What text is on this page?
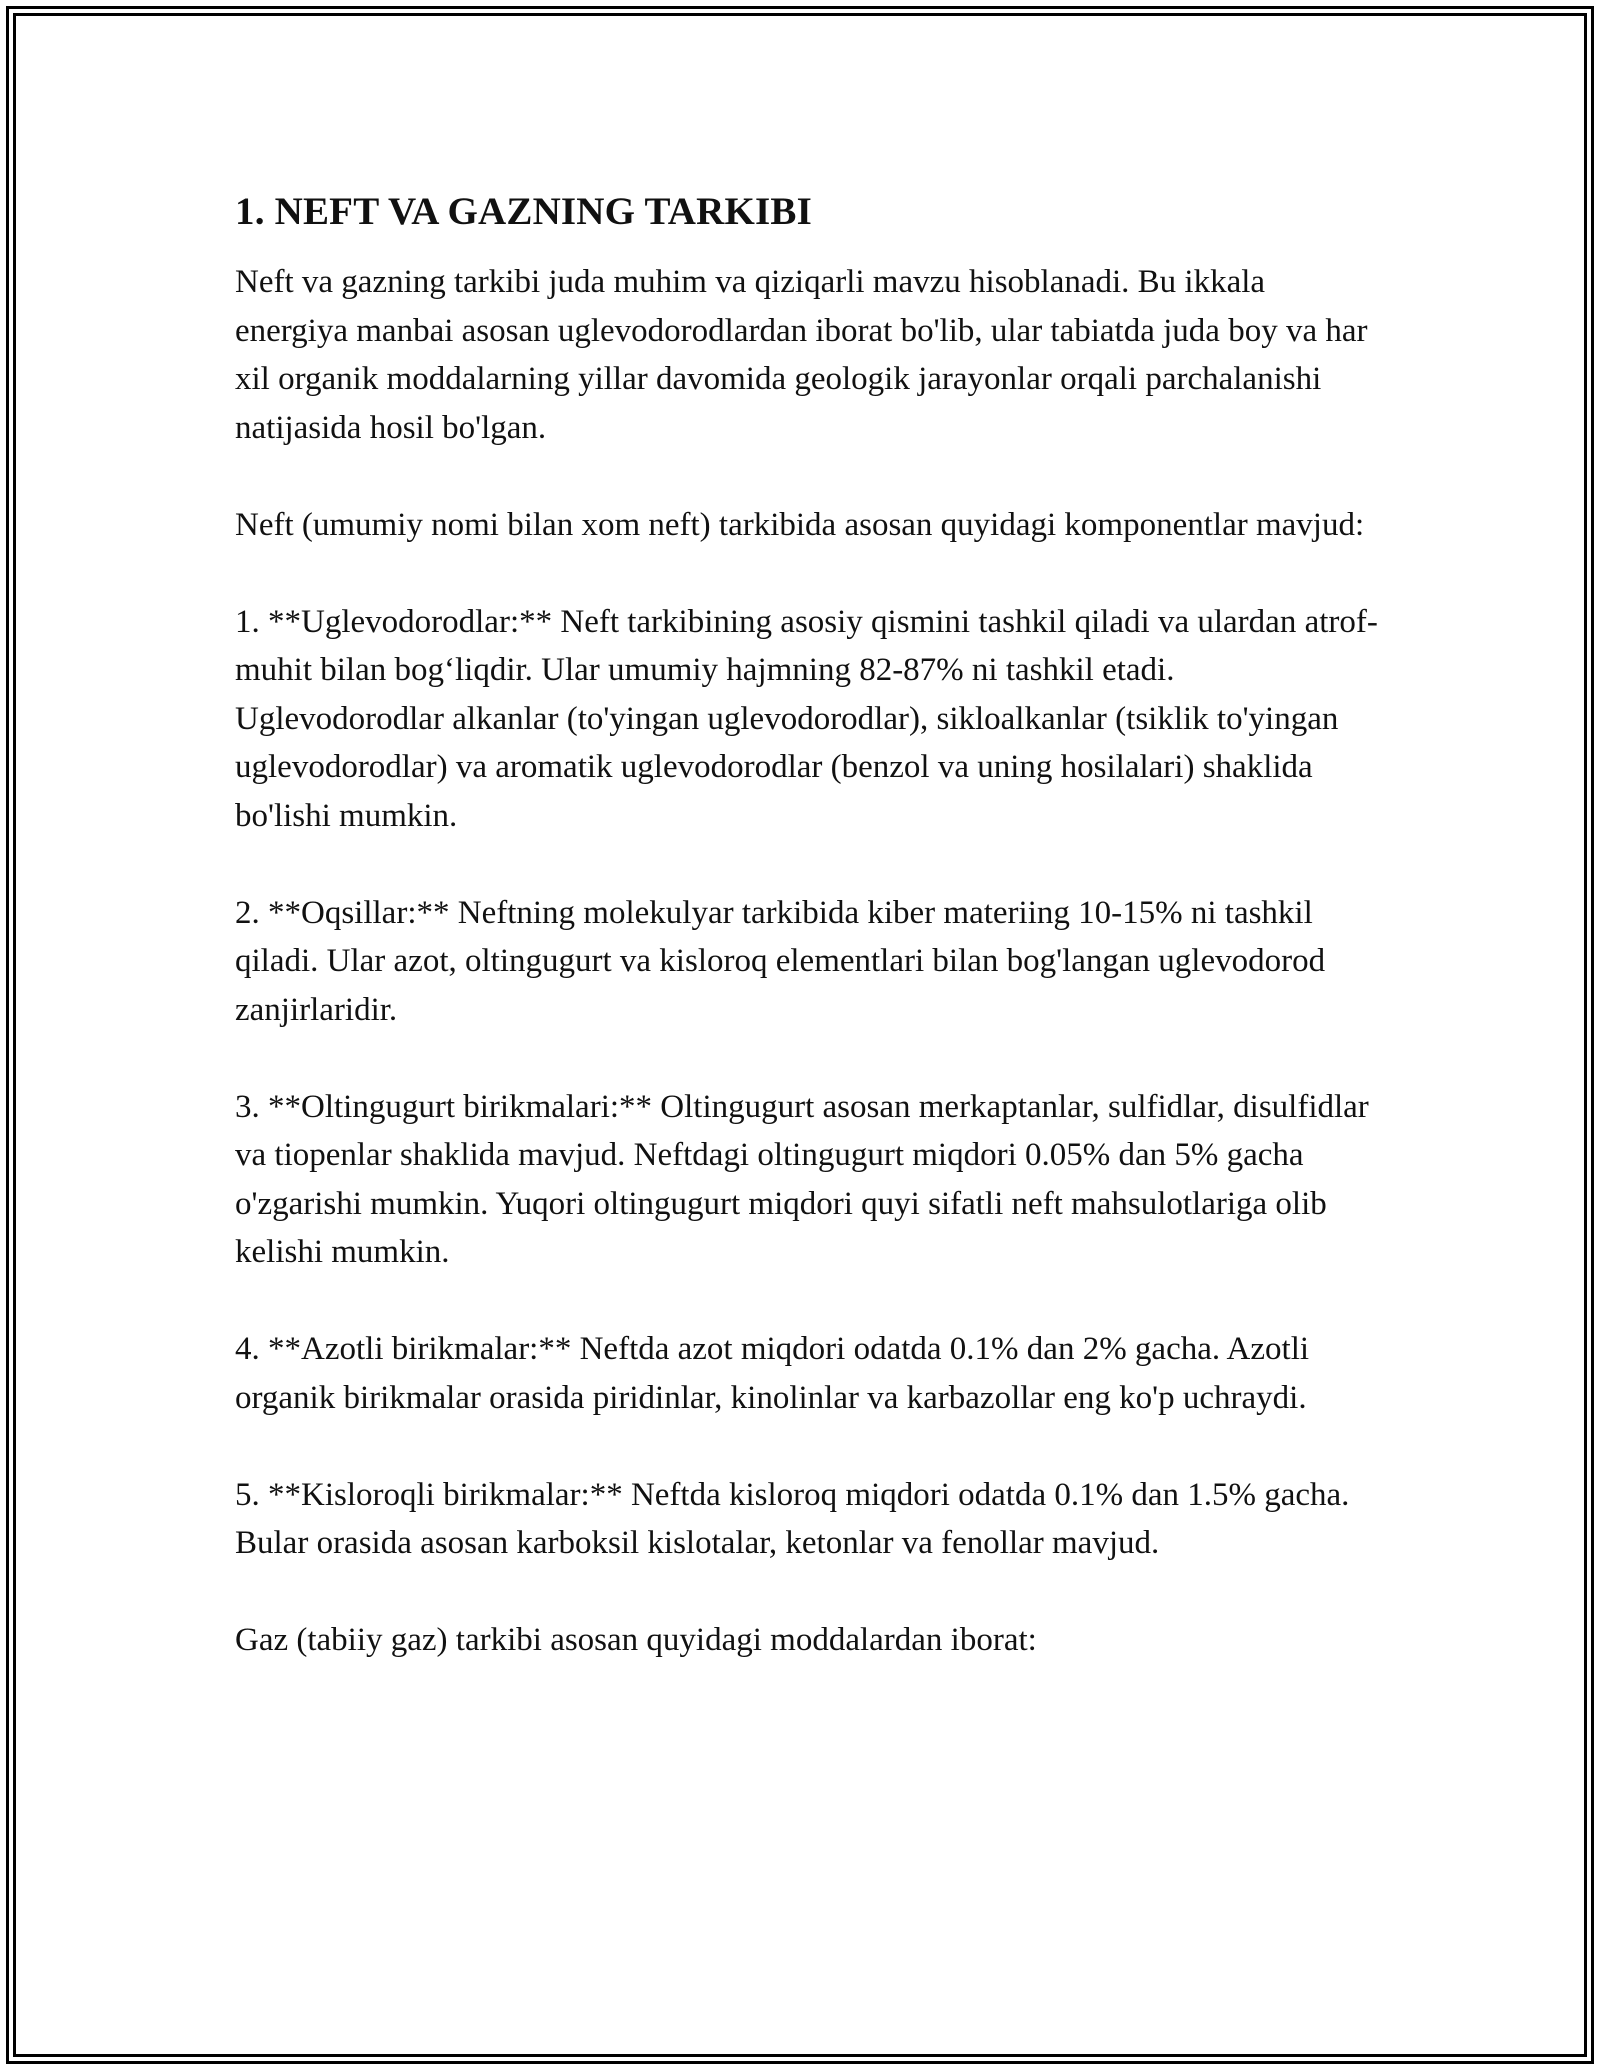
1. NEFT VA GAZNING TARKIBI

Neft va gazning tarkibi juda muhim va qiziqarli mavzu hisoblanadi. Bu ikkala energiya manbai asosan uglevodorodlardan iborat bo'lib, ular tabiatda juda boy va har xil organik moddalarning yillar davomida geologik jarayonlar orqali parchalanishi natijasida hosil bo'lgan.

Neft (umumiy nomi bilan xom neft) tarkibida asosan quyidagi komponentlar mavjud:

1. **Uglevodorodlar:** Neft tarkibining asosiy qismini tashkil qiladi va ulardan atrof-muhit bilan bog‘liqdir. Ular umumiy hajmning 82-87% ni tashkil etadi. Uglevodorodlar alkanlar (to'yingan uglevodorodlar), sikloalkanlar (tsiklik to'yingan uglevodorodlar) va aromatik uglevodorodlar (benzol va uning hosilalari) shaklida bo'lishi mumkin.

2. **Oqsillar:** Neftning molekulyar tarkibida kiber materiing 10-15% ni tashkil qiladi. Ular azot, oltingugurt va kisloroq elementlari bilan bog'langan uglevodorod zanjirlaridir.

3. **Oltingugurt birikmalari:** Oltingugurt asosan merkaptanlar, sulfidlar, disulfidlar va tiopenlar shaklida mavjud. Neftdagi oltingugurt miqdori 0.05% dan 5% gacha o'zgarishi mumkin. Yuqori oltingugurt miqdori quyi sifatli neft mahsulotlariga olib kelishi mumkin.

4. **Azotli birikmalar:** Neftda azot miqdori odatda 0.1% dan 2% gacha. Azotli organik birikmalar orasida piridinlar, kinolinlar va karbazollar eng ko'p uchraydi.

5. **Kisloroqli birikmalar:** Neftda kisloroq miqdori odatda 0.1% dan 1.5% gacha. Bular orasida asosan karboksil kislotalar, ketonlar va fenollar mavjud.

Gaz (tabiiy gaz) tarkibi asosan quyidagi moddalardan iborat:
